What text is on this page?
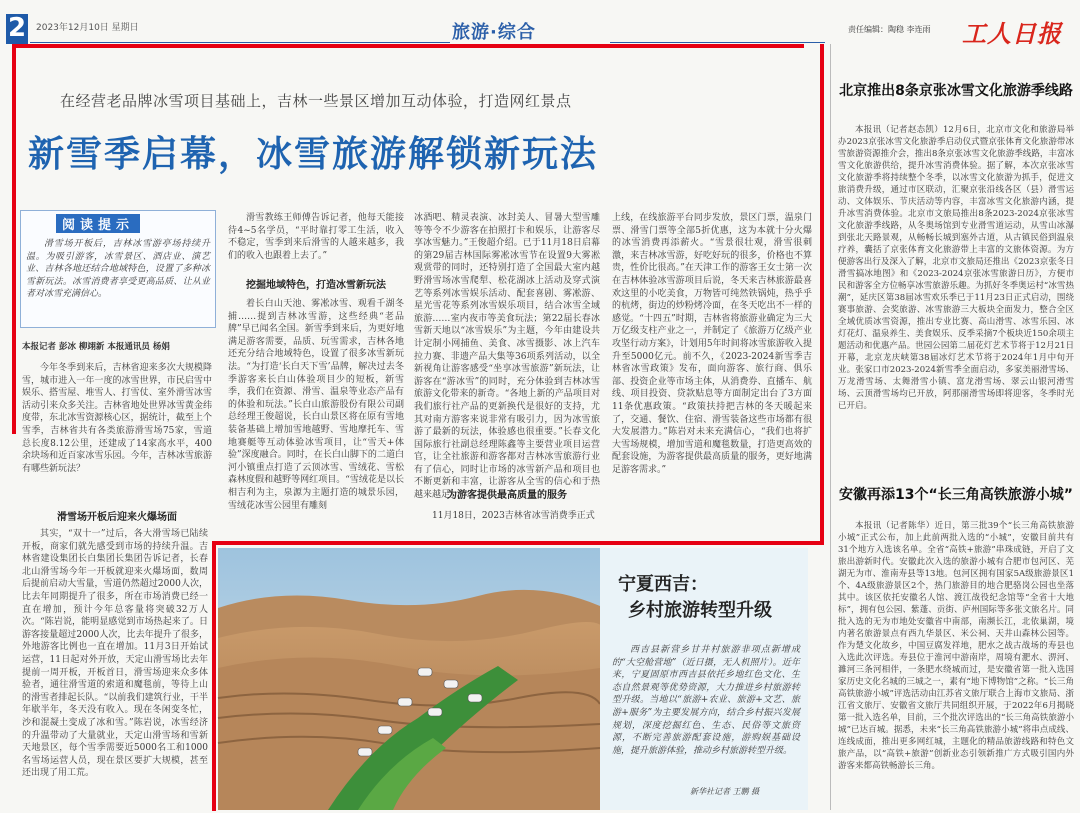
2 2023年12月10日 星期日	旅游·综合	责任编辑：陶稳 李连雨 工人日报
在经营老品牌冰雪项目基础上，吉林一些景区增加互动体验，打造网红景点
新雪季启幕，冰雪旅游解锁新玩法
阅读提示
滑雪场开板后，吉林冰雪游亭场持续升温。为吸引游客，冰雪景区、酒店业、演艺业、吉林各地还结合地域特色，设置了多种冰雪新玩法。冰雪消费者享受更高品质、让从业者对冰雪充满信心。
本报记者 彭冰 柳翊新 本报通讯员 杨娟
今年冬季到来后，吉林省迎来多次大规模降雪，城市进入一年一度的冰雪世界，市民启雪中娱乐、搭雪屋、堆雪人、打雪仗、室外滑雪冰雪活动引来众多关注。吉林省地处世界冰雪黄金纬度带，东北冰雪资源核心区，据统计，截至上个雪季，吉林省共有各类旅游滑雪场75家，雪道总长度8.12公里，还建成了14家高水平，400余块场和近百家冰雪乐园。今年，吉林冰雪旅游有哪些新玩法？
滑雪场开板后迎来火爆场面
其实，“双十一”过后，各大滑雪场已陆续开板，商家们就先感受到市场的持续升温。吉林省建设集团长白集团长集团告诉记者，长春北山滑雪场今年一开板就迎来火爆场面，数周后提前启动大雪量，雪道仍然超过2000人次，比去年同期提升了很多，所在市场消费已经一直在增加，预计今年总客量将突破32万人次。“陈岩说，能明显感觉到市场热起来了。日游客接量超过2000人次，比去年提升了很多，外地游客比例也一直在增加。11月3日开始试运营，11日起对外开放，天定山滑雪场比去年提前一周开板，开板首日，滑雪场迎来众多体验者，通往滑雪道的索道和魔毯前，等待上山的滑雪者排起长队。“以前我们建筑行业，干半年歇半年，冬天没有收入。现在冬闲变冬忙，沙和混凝土变成了冰和雪。”陈岩说，冰雪经济的升温带动了大量就业，天定山滑雪场和雪新天地景区，每个雪季需要近5000名工和1000名雪场运营人员，现在景区要扩大规模，甚至还出现了用工荒。
滑雪教练王师傅告诉记者，他每天能接待4~5名学员，“平时靠打零工生活，收入不稳定，雪季到来后滑雪的人越来越多，我们的收入也跟着上去了。”
挖掘地域特色，打造冰雪新玩法
着长白山天池、雾凇冰雪、观看千湖冬捕……提到吉林冰雪游，这些经典“老品牌”早已闻名全国。新雪季到来后，为更好地满足游客需要，品质、玩雪需求，吉林各地还充分结合地域特色，设置了很多冰雪新玩法。“为打造‘长白天下雪’品牌，解决过去冬季游客来长白山体验项目少的短板，新雪季，我们在资源、滑雪、温泉等业态产品有的体验和玩法。”长白山旅游股份有限公司副总经理王俊超说，长白山景区将在原有雪地装备基础上增加雪地越野、雪地摩托车、雪地赛艇等互动体验冰雪项目，让“雪天+体验”深度融合。同时，在长白山脚下的二道白河小镇重点打造了云顶冰雪、雪绒花、雪松森林度假和越野等网红项目。“雪绒花是以长相吉利为主，泉源为主题打造的城景乐园，雪绒花冰雪公园里有雕刻
冰酒吧、精灵表演、冰封美人、冒暑大型雪雕等等令不少游客在拍照打卡和娱乐，让游客尽享冰雪魅力。”王俊超介绍。已于11月18日启幕的第29届吉林国际雾凇冰雪节在设置9大雾凇观赏带的同时，还特别打造了全国最大室内越野滑雪场冰雪爬犁、松花湖冰上活动及穿式演艺等系列冰雪娱乐活动、配套喜剧、雾凇游、星光雪花等系列冰雪娱乐项目，结合冰雪全域旅游……室内夜市等美食玩法；第22届长春冰雪新天地以“冰雪娱乐”为主题，今年由建设共计定制小网捕鱼、美食、冰雪摄影、冰上汽车拉力赛、非遗产品大集等36项系列活动，以全新视角让游客感受“坐享冰雪旅游”新玩法，让游客在“游冰雪”的同时，充分体验到吉林冰雪旅游文化带来的新奇。“各地上新的产品项目对我们旅行社产品的更新换代是很好的支持，尤其对南方游客来说非常有吸引力，因为冰雪旅游了最新的玩法，体验感也很重要。”长春文化国际旅行社副总经理陈鑫等主要营业项目运营官，让全社旅游和游客都对吉林冰雪旅游行业有了信心，同时让市场的冰雪新产品和项目也不断更新和丰富，让游客从全雪的信心和于热越来越足。
为游客提供最高质量的服务
11月18日，2023吉林省冰雪消费季正式
上线，在线旅游平台同步发放，景区门票，温泉门票、滑雪门票等全部5折优惠，这为本就十分火爆的冰雪消费再添薪火。“雪景很壮观，滑雪很刺激，来吉林冰雪游，好吃好玩的很多，价格也不算贵，性价比很高。”在天津工作的游客王女士第一次在吉林体验冰雪游项目后说，冬天来吉林旅游最喜欢这里的小吃美食，万物皆可纯然铁锅炖，热乎乎的杭烤，街边的炒粉烤冷面，在冬天吃出不一样的感觉。“十四五”时期，吉林省将旅游业确定为三大万亿级支柱产业之一，并制定了《旅游万亿级产业攻坚行动方案》，计划用5年时间将冰雪旅游收入提升至5000亿元。前不久，《2023-2024新雪季吉林省冰雪政策》发布，面向游客、旅行商、俱乐部、投资企业等市场主体，从消费券、直播车、航线、项目投资、贷款贴息等方面制定出台了3方面11条优惠政策。“政策扶持把吉林的冬天暖起来了，交通、餐饮、住宿、滑雪装备这些市场都有很大发展潜力。”陈岩对未来充满信心，“我们也将扩大雪场规模，增加雪道和魔毯数量，打造更高效的配套设施，为游客提供最高质量的服务，更好地满足游客需求。”
宁夏西吉：
乡村旅游转型升级
西吉县新营乡甘井村旅游非项点新增成的“大空舱营地”（近日摄，无人机照片）。近年来，宁夏固原市西吉县依托乡地红色文化、生态自然景观等优势资源，大力推进乡村旅游转型升级。当地以“旅游+农业、旅游+文艺、旅游+服务”为主要发展方向，结合乡村振兴发展规划，深度挖掘红色、生态、民俗等文旅资源，不断完善旅游配套设施，游购娱基础设施，提升旅游体验，推动乡村旅游转型升级。
新华社记者 王鹏 摄
北京推出8条京张冰雪文化旅游季线路
本报讯（记者赵态凯）12月6日，北京市文化和旅游局举办2023京张冰雪文化旅游季启动仪式暨京张体育文化旅游带冰雪旅游资源推介会，推出8条京张冰雪文化旅游季线路，丰富冰雪文化旅游供给，提升冰雪消费体验。据了解，本次京张冰雪文化旅游季将持续整个冬季，以冰雪文化旅游为抓手，促进文旅消费升级，通过市区联动，汇聚京张沿线各区（县）滑雪运动、文体娱乐、节庆活动等内容，丰富冰雪文化旅游内涵，提升冰雪消费体验。北京市文旅局推出8条2023-2024京张冰雪文化旅游季线路，从冬奥场馆到专业滑雪道运动，从雪山冰瀑到张北天路景观，从畅畅长城到塞外古道，从古镇民俗到温泉疗养，囊括了京张体育文化旅游带上丰富的文旅体资源。为方便游客出行及深入了解，北京市文旅局还推出《2023京张冬日滑雪搞冰地图》和《2023-2024京张冰雪旅游日历》，方便市民和游客全方位畅享冰雪旅游乐趣。为抓好冬季奥运村“冰雪热潮”，延庆区第38届冰雪欢乐季已于11月23日正式启动，围绕赛事旅游、会奖旅游、冰雪旅游三大板块全面发力，整合全区全域优质冰雪资源，推出专业比赛、高山滑雪、冰雪乐园、冰灯花灯、温泉养生、美食娱乐、反季采摘7个板块近150余项主题活动和优惠产品。世园公园第二届花灯艺术节将于12月21日开幕，北京龙庆峡第38届冰灯艺术节将于2024年1月中旬开业。张家口市2023-2024新雪季全面启动，多家美丽滑雪场、万龙滑雪场、太舞滑雪小镇、富龙滑雪场、翠云山银河滑雪场、云顶滑雪场均已开放，阿那丽滑雪场即将迎客，冬季时光已开启。
安徽再添13个“长三角高铁旅游小城”
本报讯（记者陈华）近日，第三批39个“长三角高铁旅游小城”正式公布，加上此前两批入选的“小城”，安徽目前共有31个地方入选该名单。全省“高铁+旅游”串珠成链，开启了文旅出游新时代。安徽此次入选的旅游小城有合肥市包河区、芜湖无为市、淮南寿县等13地。包河区拥有国家5A级旅游景区1个、4A级旅游景区2个，热门旅游目的地合肥骆岗公园也坐落其中。该区依托安徽名人馆、渡江战役纪念馆等“全省十大地标”，拥有包公园、紫蓬、贡街、庐州国际等多张文旅名片。同批入选的无为市地处安徽省中南部，南濒长江，北依巢湖，境内著名旅游景点有西九华景区、米公祠、天井山森林公园等。作为楚文化故乡，中国豆腐发祥地，肥水之战古战场的寿县也入选此次评选。寿县位于淮河中游南岸，周境有淝水、淠河、濉河三条河相伴，一条肥水绕城而过，是安徽省第一批入选国家历史文化名城的三城之一，素有“地下博物馆”之称。“长三角高铁旅游小城”评选活动由江苏省文旅厅联合上海市文旅局、浙江省文旅厅、安徽省文旅厅共同组织开展，于2022年6月揭晓第一批入选名单，目前，三个批次评选出的“长三角高铁旅游小城”已达百城。据悉，未来“长三角高铁旅游小城”将串点成线、连线成面，推出更多网红城，主题化的精品旅游线路和特色文旅产品，以“高铁+旅游”创新业态引领新推广方式吸引国内外游客来都高铁畅游长三角。
